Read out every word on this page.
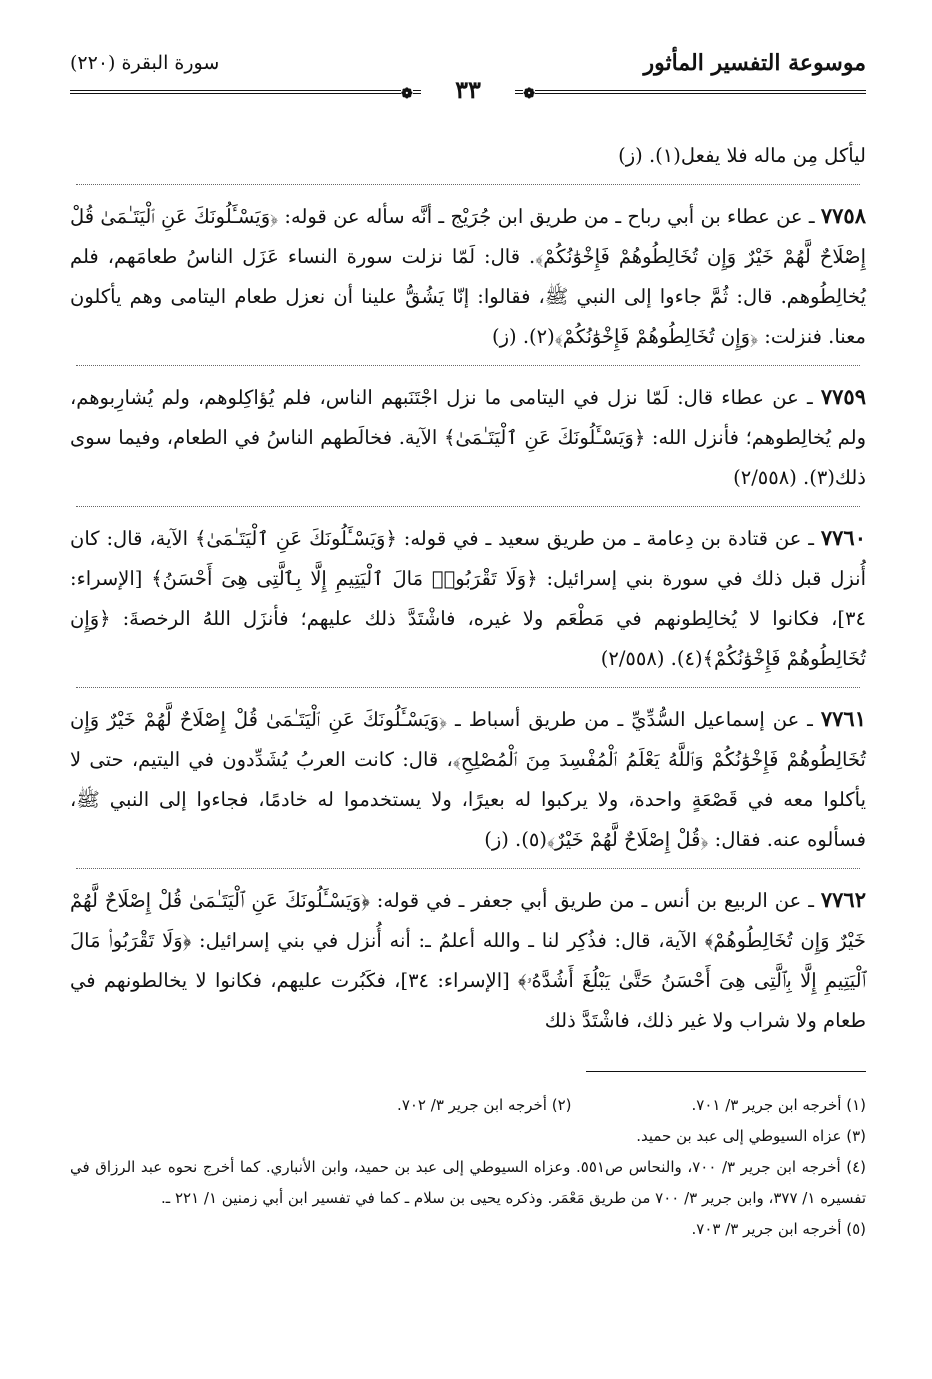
موسوعة التفسير المأثور
سورة البقرة (٢٢٠)
❁ ٣٣ ❁

ليأكل مِن ماله فلا يفعل(١). (ز)

٧٧٥٨ ـ عن عطاء بن أبي رباح ـ من طريق ابن جُرَيْج ـ أنَّه سأله عن قوله: ﴿وَيَسْـَٔلُونَكَ عَنِ ٱلْيَتَـٰمَىٰ قُلْ إِصْلَاحٌ لَّهُمْ خَيْرٌ وَإِن تُخَالِطُوهُمْ فَإِخْوَٰنُكُمْ﴾. قال: لَمّا نزلت سورة النساء عَزَل الناسُ طعامَهم، فلم يُخالِطُوهم. قال: ثُمَّ جاءوا إلى النبي ﷺ، فقالوا: إنّا يَشُقُّ علينا أن نعزل طعام اليتامى وهم يأكلون معنا. فنزلت: ﴿وَإِن تُخَالِطُوهُمْ فَإِخْوَٰنُكُمْ﴾(٢). (ز)

٧٧٥٩ ـ عن عطاء قال: لَمّا نزل في اليتامى ما نزل اجْتَنَبهم الناس، فلم يُؤاكِلوهم، ولم يُشارِبوهم، ولم يُخالِطوهم؛ فأنزل الله: ﴿وَيَسْـَٔلُونَكَ عَنِ ٱلْيَتَـٰمَىٰ﴾ الآية. فخالَطهم الناسُ في الطعام، وفيما سوى ذلك(٣). (٢/٥٥٨)

٧٧٦٠ ـ عن قتادة بن دِعامة ـ من طريق سعيد ـ في قوله: ﴿وَيَسْـَٔلُونَكَ عَنِ ٱلْيَتَـٰمَىٰ﴾ الآية، قال: كان أُنزل قبل ذلك في سورة بني إسرائيل: ﴿وَلَا تَقْرَبُوا۟ مَالَ ٱلْيَتِيمِ إِلَّا بِٱلَّتِى هِىَ أَحْسَنُ﴾ [الإسراء: ٣٤]، فكانوا لا يُخالِطونهم في مَطْعَم ولا غيره، فاشْتَدَّ ذلك عليهم؛ فأنزَل اللهُ الرخصةَ: ﴿وَإِن تُخَالِطُوهُمْ فَإِخْوَٰنُكُمْ﴾(٤). (٢/٥٥٨)

٧٧٦١ ـ عن إسماعيل السُّدِّيِّ ـ من طريق أسباط ـ ﴿وَيَسْـَٔلُونَكَ عَنِ ٱلْيَتَـٰمَىٰ قُلْ إِصْلَاحٌ لَّهُمْ خَيْرٌ وَإِن تُخَالِطُوهُمْ فَإِخْوَٰنُكُمْ وَٱللَّهُ يَعْلَمُ ٱلْمُفْسِدَ مِنَ ٱلْمُصْلِحِ﴾، قال: كانت العربُ يُشَدِّدون في اليتيم، حتى لا يأكلوا معه في قَصْعَةٍ واحدة، ولا يركبوا له بعيرًا، ولا يستخدموا له خادمًا، فجاءوا إلى النبي ﷺ، فسألوه عنه. فقال: ﴿قُلْ إِصْلَاحٌ لَّهُمْ خَيْرٌ﴾(٥). (ز)

٧٧٦٢ ـ عن الربيع بن أنس ـ من طريق أبي جعفر ـ في قوله: ﴿وَيَسْـَٔلُونَكَ عَنِ ٱلْيَتَـٰمَىٰ قُلْ إِصْلَاحٌ لَّهُمْ خَيْرٌ وَإِن تُخَالِطُوهُمْ﴾ الآية، قال: فذُكِر لنا ـ والله أعلمُ ـ: أنه أُنزل في بني إسرائيل: ﴿وَلَا تَقْرَبُوا۟ مَالَ ٱلْيَتِيمِ إِلَّا بِٱلَّتِى هِىَ أَحْسَنُ حَتَّىٰ يَبْلُغَ أَشُدَّهُۥ﴾ [الإسراء: ٣٤]، فكَبُرت عليهم، فكانوا لا يخالطونهم في طعام ولا شراب ولا غير ذلك، فاشْتَدَّ ذلك

(١) أخرجه ابن جرير ٣/ ٧٠١.
(٢) أخرجه ابن جرير ٣/ ٧٠٢.

(٣) عزاه السيوطي إلى عبد بن حميد.

(٤) أخرجه ابن جرير ٣/ ٧٠٠، والنحاس ص٥٥١. وعزاه السيوطي إلى عبد بن حميد، وابن الأنباري. كما أخرج نحوه عبد الرزاق في تفسيره ١/ ٣٧٧، وابن جرير ٣/ ٧٠٠ من طريق مَعْمَر. وذكره يحيى بن سلام ـ كما في تفسير ابن أبي زمنين ١/ ٢٢١ ـ.

(٥) أخرجه ابن جرير ٣/ ٧٠٣.
